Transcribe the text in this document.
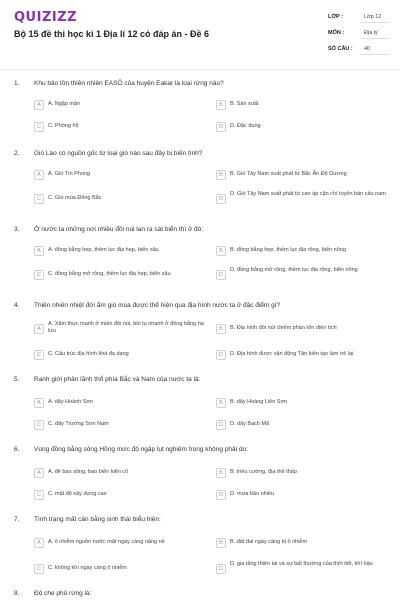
QUIZIZZ
Bộ 15 đề thi học kì 1 Địa lí 12 có đáp án - Đề 6
LỚP :	Lớp 12
MÔN :	Địa lý
SỐ CÂU : 40
1. Khu bảo tồn thiên nhiên EASÔ của huyện Eakar là loại rừng nào?
A	A. Ngập mặn	B	B. Sản xuất
C	C. Phòng hộ	D	D. Đặc dụng
2. Gió Lào có nguồn gốc từ loại gió nào sau đây bị biến tính?
A	A. Gió Tín Phong	B	B. Gió Tây Nam xuất phát từ Bắc Ấn Độ Dương
C	C. Gió mùa Đông Bắc	D
D. Gió Tây Nam xuất phát từ cao áp cận chí tuyến bán cầu nam
3. Ở nước ta những nơi nhiều đồi núi lan ra sát biển thì ở đó:
A	A. đồng bằng hẹp, thềm lục địa hẹp, biển sâu	B	B. đồng bằng hẹp, thềm lục địa rộng, biển nông
C	C. đồng bằng mở rộng, thềm lục địa hẹp, biển sâu	D
D. đồng bằng mở rộng, thềm lục địa rộng, biển nông
4. Thiên nhiên nhiệt đới ẩm gió mùa được thể hiện qua địa hình nước ta ở đặc điểm gì?
A
A. Xâm thực mạnh ở miền đồi núi, bồi tụ nhanh ở đồng bằng hạ lưu	B	B. Địa hình đồi núi chiếm phần lớn diện tích
C	C. Cấu trúc địa hình khá đa dạng	D	D. Địa hình được vận động Tân kiến tạo làm trẻ lại
5. Ranh giới phân lãnh thổ phía Bắc và Nam của nước ta là:
A	A. dãy Hoành Sơn	B	B. dãy Hoàng Liên Sơn
C	C. dãy Trường Sơn Nam	D	D. dãy Bạch Mã
6. Vùng đồng bằng sông Hồng mức độ ngập lụt nghiêm trọng không phải do:
A	A. đê bao sông, bao biển kiên cố	B	B. triều cường, địa thế thấp
C	C. mật độ xây dựng cao	D	D. mưa bão nhiều
7. Tình trạng mất cân bằng sinh thái biểu hiện:
A	A. ô nhiễm nguồn nước mặt ngày càng nặng nề	B	B. đất đai ngày càng bị ô nhiễm
C	C. không khí ngày càng ô nhiễm	D
D. gia tăng thiên tai và sự bất thường của thời tiết, khí hậu
8. Độ che phủ rừng là:
